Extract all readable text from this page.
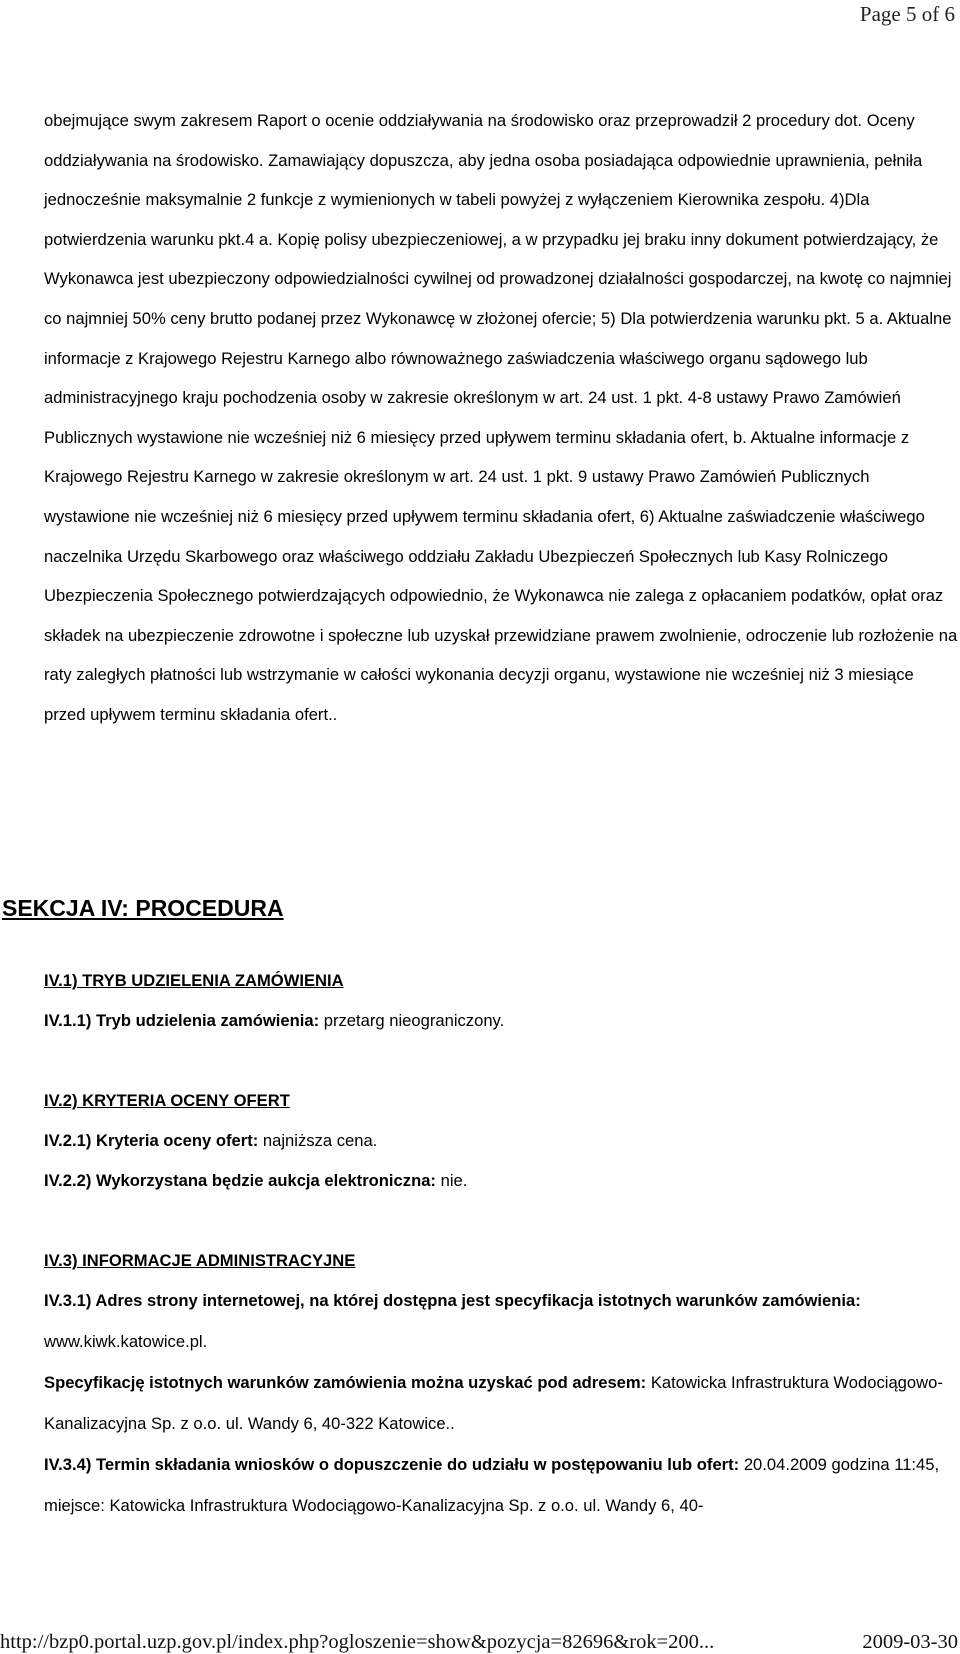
Page 5 of 6

obejmujące swym zakresem Raport o ocenie oddziaływania na środowisko oraz przeprowadził 2 procedury dot. Oceny oddziaływania na środowisko. Zamawiający dopuszcza, aby jedna osoba posiadająca odpowiednie uprawnienia, pełniła jednocześnie maksymalnie 2 funkcje z wymienionych w tabeli powyżej z wyłączeniem Kierownika zespołu. 4)Dla potwierdzenia warunku pkt.4 a. Kopię polisy ubezpieczeniowej, a w przypadku jej braku inny dokument potwierdzający, że Wykonawca jest ubezpieczony odpowiedzialności cywilnej od prowadzonej działalności gospodarczej, na kwotę co najmniej co najmniej 50% ceny brutto podanej przez Wykonawcę w złożonej ofercie; 5) Dla potwierdzenia warunku pkt. 5 a. Aktualne informacje z Krajowego Rejestru Karnego albo równoważnego zaświadczenia właściwego organu sądowego lub administracyjnego kraju pochodzenia osoby w zakresie określonym w art. 24 ust. 1 pkt. 4-8 ustawy Prawo Zamówień Publicznych wystawione nie wcześniej niż 6 miesięcy przed upływem terminu składania ofert, b. Aktualne informacje z Krajowego Rejestru Karnego w zakresie określonym w art. 24 ust. 1 pkt. 9 ustawy Prawo Zamówień Publicznych wystawione nie wcześniej niż 6 miesięcy przed upływem terminu składania ofert, 6) Aktualne zaświadczenie właściwego naczelnika Urzędu Skarbowego oraz właściwego oddziału Zakładu Ubezpieczeń Społecznych lub Kasy Rolniczego Ubezpieczenia Społecznego potwierdzających odpowiednio, że Wykonawca nie zalega z opłacaniem podatków, opłat oraz składek na ubezpieczenie zdrowotne i społeczne lub uzyskał przewidziane prawem zwolnienie, odroczenie lub rozłożenie na raty zaległych płatności lub wstrzymanie w całości wykonania decyzji organu, wystawione nie wcześniej niż 3 miesiące przed upływem terminu składania ofert..

SEKCJA IV: PROCEDURA

IV.1) TRYB UDZIELENIA ZAMÓWIENIA

IV.1.1) Tryb udzielenia zamówienia: przetarg nieograniczony.

IV.2) KRYTERIA OCENY OFERT

IV.2.1) Kryteria oceny ofert: najniższa cena.

IV.2.2) Wykorzystana będzie aukcja elektroniczna: nie.

IV.3) INFORMACJE ADMINISTRACYJNE

IV.3.1) Adres strony internetowej, na której dostępna jest specyfikacja istotnych warunków zamówienia: www.kiwk.katowice.pl.

Specyfikację istotnych warunków zamówienia można uzyskać pod adresem: Katowicka Infrastruktura Wodociągowo-Kanalizacyjna Sp. z o.o. ul. Wandy 6, 40-322 Katowice..

IV.3.4) Termin składania wniosków o dopuszczenie do udziału w postępowaniu lub ofert: 20.04.2009 godzina 11:45, miejsce: Katowicka Infrastruktura Wodociągowo-Kanalizacyjna Sp. z o.o. ul. Wandy 6, 40-

http://bzp0.portal.uzp.gov.pl/index.php?ogloszenie=show&pozycja=82696&rok=200...	2009-03-30
